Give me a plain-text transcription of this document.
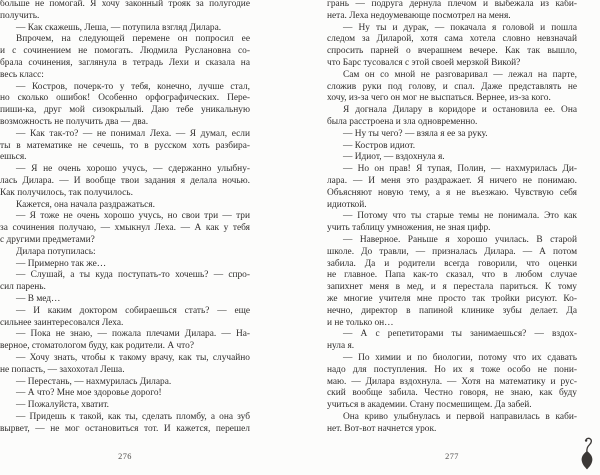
больше не помогай. Я хочу законный трояк за полугодие

получить.

— Как скажешь, Леша, — потупила взгляд Дилара.

Впрочем, на следующей перемене он попросил ее

и с сочинением не помогать. Людмила Руслановна со-

брала сочинения, заглянула в тетрадь Лехи и сказала на

весь класс:

— Костров, почерк-то у тебя, конечно, лучше стал,

но сколько ошибок! Особенно орфографических. Пере-

пиши-ка, друг мой сизокрылый. Даю тебе уникальную

возможность не получить два — два.

— Как так-то? — не понимал Леха. — Я думал, если

ты в математике не сечешь, то в русском хоть разбира-

ешься.

— Я не очень хорошо учусь, — сдержанно улыбну-

лась Дилара. — И вообще твои задания я делала ночью.

Как получилось, так получилось.

Кажется, она начала раздражаться.

— Я тоже не очень хорошо учусь, но свои три — три

за сочинения получаю, — хмыкнул Леха. — А как у тебя

с другими предметами?

Дилара потупилась:

— Примерно так же…

— Слушай, а ты куда поступать-то хочешь? — спро-

сил парень.

— В мед…

— И каким доктором собираешься стать? — еще

сильнее заинтересовался Леха.

— Пока не знаю, — пожала плечами Дилара. — На-

верное, стоматологом буду, как родители. А что?

— Хочу знать, чтобы к такому врачу, как ты, случайно

не попасть, — захохотал Леша.

— Перестань, — нахмурилась Дилара.

— А что? Мне мое здоровье дорого!

— Пожалуйста, хватит.

— Придешь к такой, как ты, сделать пломбу, а она зуб

вырвет, — не мог остановиться тот. И кажется, перешел

грань — подруга дернула плечом и выбежала из каби-

нета. Леха недоумевающе посмотрел на меня.

— Ну ты и дурак, — покачала я головой и пошла

следом за Диларой, хотя сама хотела словно невзначай

спросить парней о вчерашнем вечере. Как так вышло,

что Барс тусовался с этой своей мерзкой Викой?

Сам он со мной не разговаривал — лежал на парте,

сложив руки под голову, и спал. Даже представлять не

хочу, из-за чего он мог не выспаться. Вернее, из-за кого.

Я догнала Дилару в коридоре и остановила ее. Она

была расстроена и зла одновременно.

— Ну ты чего? — взяла я ее за руку.

— Костров идиот.

— Идиот, — вздохнула я.

— Но он прав! Я тупая, Полин, — нахмурилась Ди-

лара. — И меня это раздражает. Я ничего не понимаю.

Объясняют новую тему, а я не въезжаю. Чувствую себя

идиоткой.

— Потому что ты старые темы не понимала. Это как

учить таблицу умножения, не зная цифр.

— Наверное. Раньше я хорошо училась. В старой

школе. До травли, — призналась Дилара. — А потом

забила. Да и родители всегда говорили, что оценки

не главное. Папа как-то сказал, что в любом случае

запихнет меня в мед, и я перестала париться. К тому

же многие учителя мне просто так тройки рисуют. Ко-

нечно, директор в папиной клинике зубы делает. Да

и не только он…

— А с репетиторами ты занимаешься? — вздох-

нула я.

— По химии и по биологии, потому что их сдавать

надо для поступления. Но их я тоже особо не пони-

маю. — Дилара вздохнула. — Хотя на математику и рус-

ский вообще забила. Честно говоря, не знаю, как буду

учиться в академии. Стану посмешищем. Да забей.

Она криво улыбнулась и первой направилась в каби-

нет. Вот-вот начнется урок.

276	277
